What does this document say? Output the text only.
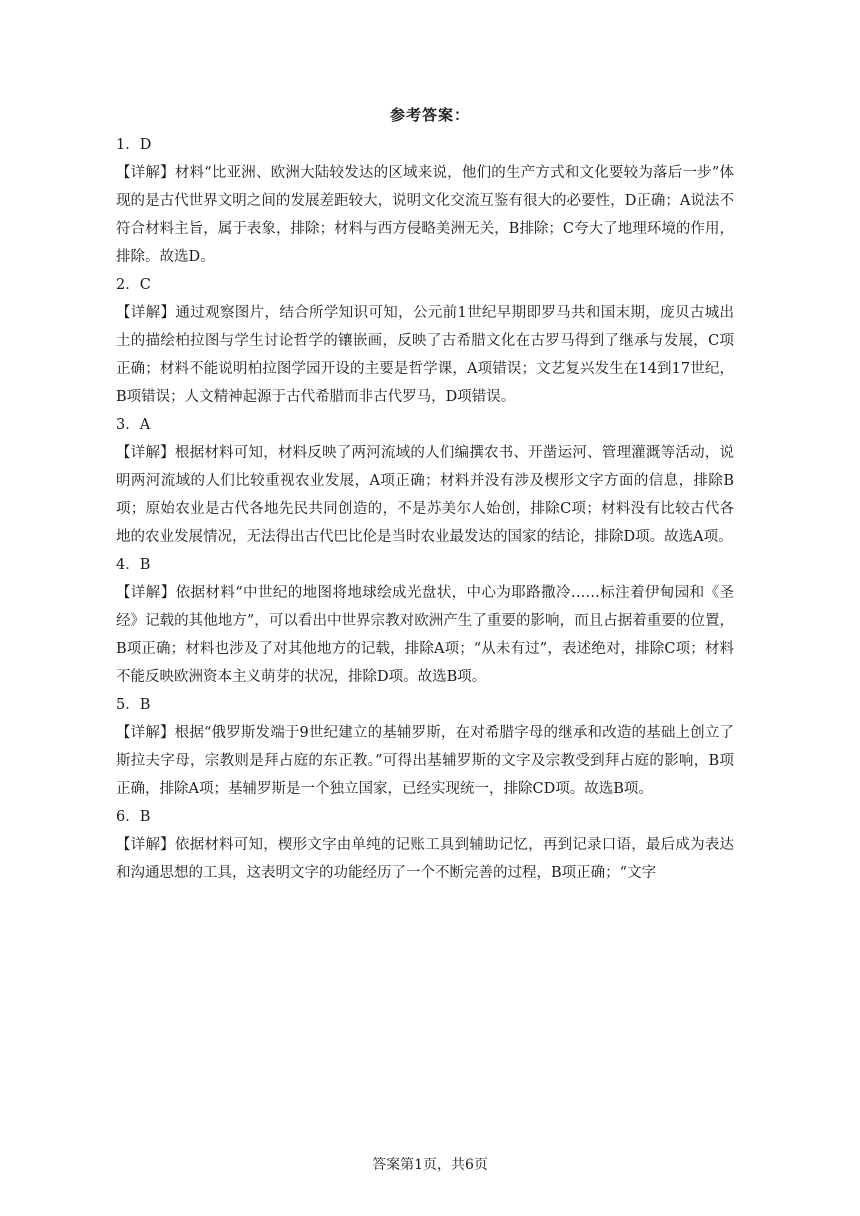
参考答案：

1．D

【详解】材料“比亚洲、欧洲大陆较发达的区域来说，他们的生产方式和文化要较为落后一步”体现的是古代世界文明之间的发展差距较大，说明文化交流互鉴有很大的必要性，D正确；A说法不符合材料主旨，属于表象，排除；材料与西方侵略美洲无关，B排除；C夸大了地理环境的作用，排除。故选D。

2．C

【详解】通过观察图片，结合所学知识可知，公元前1世纪早期即罗马共和国末期，庞贝古城出土的描绘柏拉图与学生讨论哲学的镶嵌画，反映了古希腊文化在古罗马得到了继承与发展，C项正确；材料不能说明柏拉图学园开设的主要是哲学课，A项错误；文艺复兴发生在14到17世纪，B项错误；人文精神起源于古代希腊而非古代罗马，D项错误。

3．A

【详解】根据材料可知，材料反映了两河流域的人们编撰农书、开凿运河、管理灌溉等活动，说明两河流域的人们比较重视农业发展，A项正确；材料并没有涉及楔形文字方面的信息，排除B项；原始农业是古代各地先民共同创造的，不是苏美尔人始创，排除C项；材料没有比较古代各地的农业发展情况，无法得出古代巴比伦是当时农业最发达的国家的结论，排除D项。故选A项。

4．B

【详解】依据材料“中世纪的地图将地球绘成光盘状，中心为耶路撒冷……标注着伊甸园和《圣经》记载的其他地方”，可以看出中世界宗教对欧洲产生了重要的影响，而且占据着重要的位置，B项正确；材料也涉及了对其他地方的记载，排除A项；“从未有过”，表述绝对，排除C项；材料不能反映欧洲资本主义萌芽的状况，排除D项。故选B项。

5．B

【详解】根据“俄罗斯发端于9世纪建立的基辅罗斯，在对希腊字母的继承和改造的基础上创立了斯拉夫字母，宗教则是拜占庭的东正教。”可得出基辅罗斯的文字及宗教受到拜占庭的影响，B项正确，排除A项；基辅罗斯是一个独立国家，已经实现统一，排除CD项。故选B项。

6．B

【详解】依据材料可知，楔形文字由单纯的记账工具到辅助记忆，再到记录口语，最后成为表达和沟通思想的工具，这表明文字的功能经历了一个不断完善的过程，B项正确；“文字

答案第1页，共6页
